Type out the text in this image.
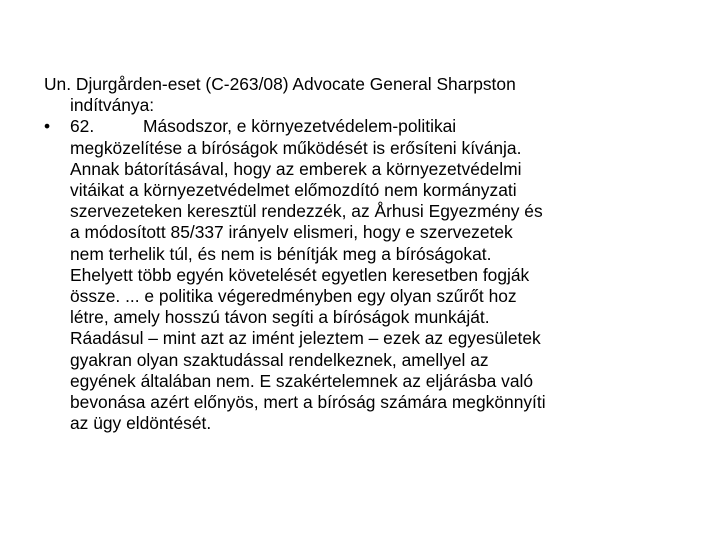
Un. Djurgården-eset (C‑263/08) Advocate General Sharpston
indítványa:

• 62.	Másodszor, e környezetvédelem‑politikai
megközelítése a bíróságok működését is erősíteni kívánja.
Annak bátorításával, hogy az emberek a környezetvédelmi
vitáikat a környezetvédelmet előmozdító nem kormányzati
szervezeteken keresztül rendezzék, az Århusi Egyezmény és
a módosított 85/337 irányelv elismeri, hogy e szervezetek
nem terhelik túl, és nem is bénítják meg a bíróságokat.
Ehelyett több egyén követelését egyetlen keresetben fogják
össze. ... e politika végeredményben egy olyan szűrőt hoz
létre, amely hosszú távon segíti a bíróságok munkáját.
Ráadásul – mint azt az imént jeleztem – ezek az egyesületek
gyakran olyan szaktudással rendelkeznek, amellyel az
egyének általában nem. E szakértelemnek az eljárásba való
bevonása azért előnyös, mert a bíróság számára megkönnyíti
az ügy eldöntését.
